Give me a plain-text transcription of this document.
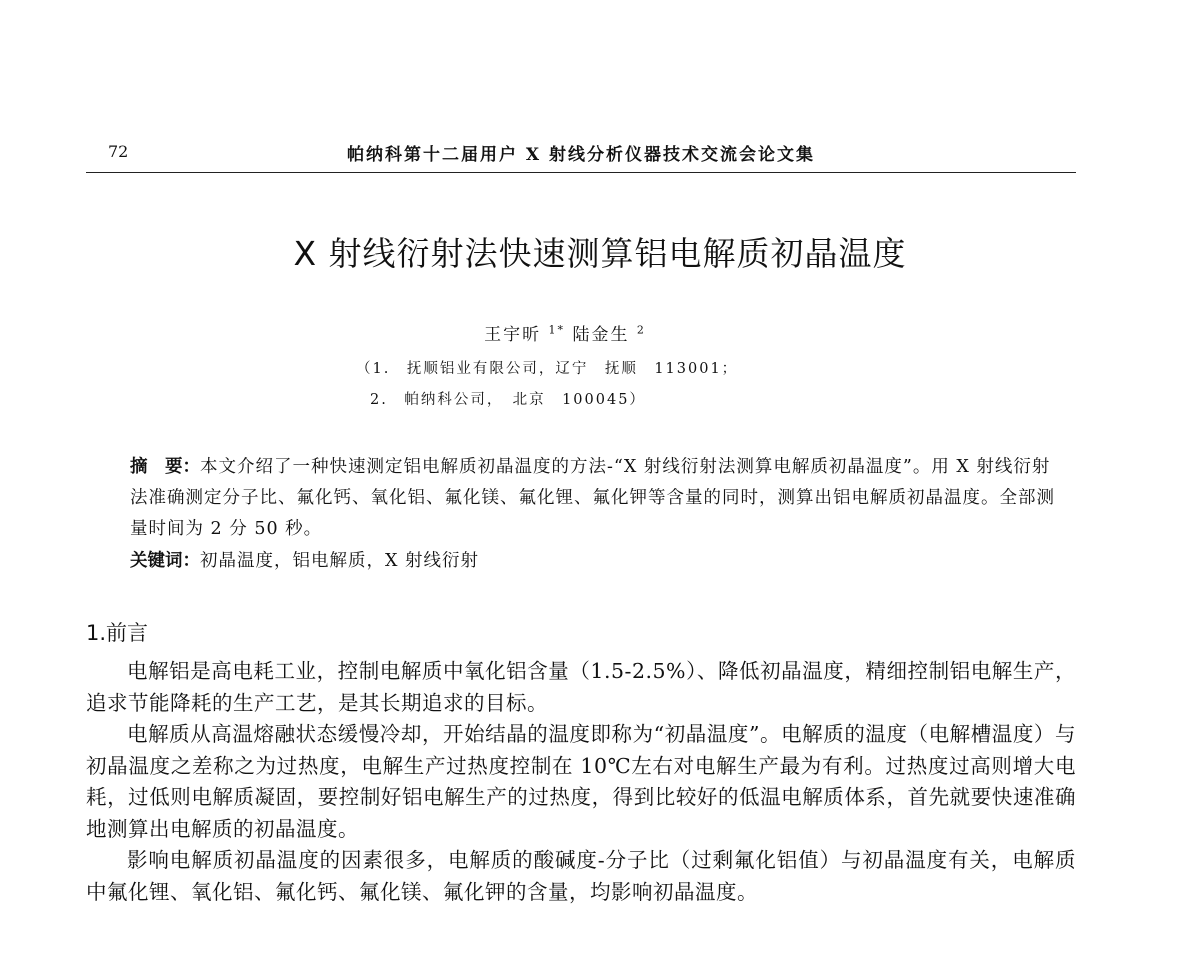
72	帕纳科第十二届用户 X 射线分析仪器技术交流会论文集
X 射线衍射法快速测算铝电解质初晶温度
王宇昕 $^{1*}$ 陆金生 $^2$
（1.　抚顺铝业有限公司，辽宁　抚顺　113001；
2.　帕纳科公司，　北京　100045）
摘　要：本文介绍了一种快速测定铝电解质初晶温度的方法-“X 射线衍射法测算电解质初晶温度”。用 X 射线衍射法准确测定分子比、氟化钙、氧化铝、氟化镁、氟化锂、氟化钾等含量的同时，测算出铝电解质初晶温度。全部测量时间为 2 分 50 秒。
关键词：初晶温度，铝电解质，X 射线衍射
1.前言

电解铝是高电耗工业，控制电解质中氧化铝含量（1.5-2.5%）、降低初晶温度，精细控制铝电解生产，追求节能降耗的生产工艺，是其长期追求的目标。

电解质从高温熔融状态缓慢冷却，开始结晶的温度即称为“初晶温度”。电解质的温度（电解槽温度）与初晶温度之差称之为过热度，电解生产过热度控制在 10℃左右对电解生产最为有利。过热度过高则增大电耗，过低则电解质凝固，要控制好铝电解生产的过热度，得到比较好的低温电解质体系，首先就要快速准确地测算出电解质的初晶温度。

影响电解质初晶温度的因素很多，电解质的酸碱度-分子比（过剩氟化铝值）与初晶温度有关，电解质中氟化锂、氧化铝、氟化钙、氟化镁、氟化钾的含量，均影响初晶温度。
